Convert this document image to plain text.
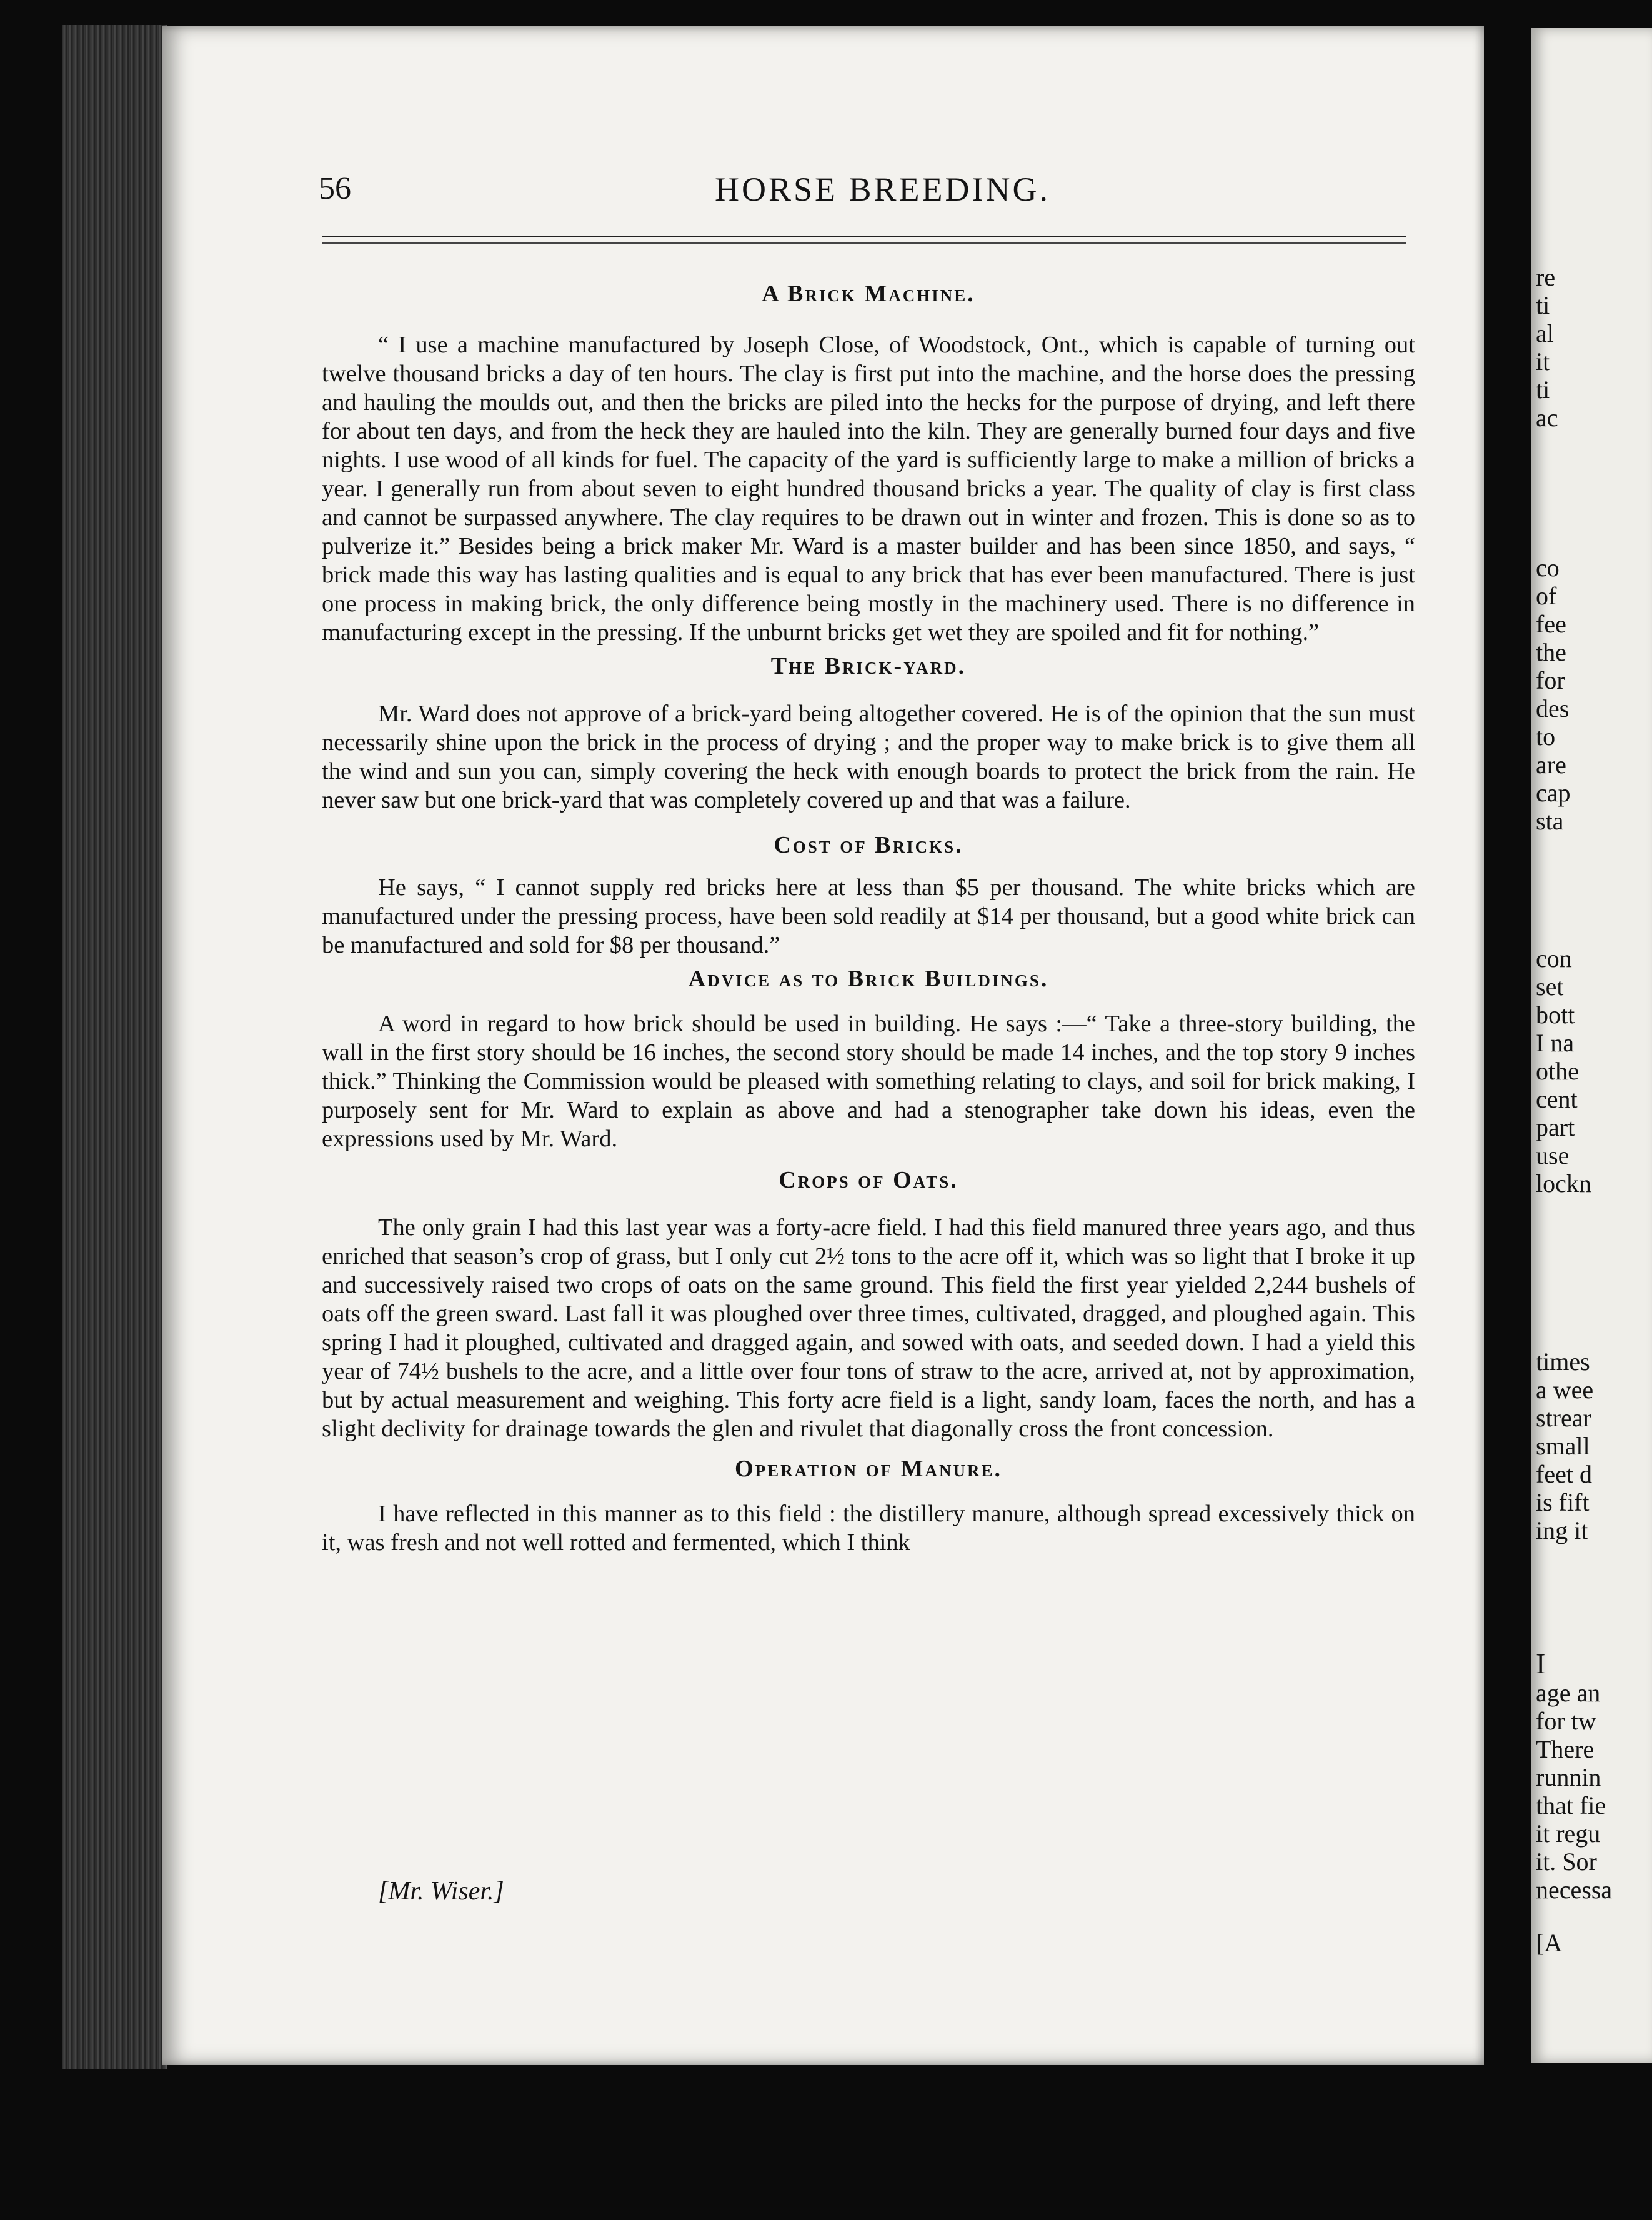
56	HORSE BREEDING.
A Brick Machine.

“ I use a machine manufactured by Joseph Close, of Woodstock, Ont., which is capable of turning out twelve thousand bricks a day of ten hours. The clay is first put into the machine, and the horse does the pressing and hauling the moulds out, and then the bricks are piled into the hecks for the purpose of drying, and left there for about ten days, and from the heck they are hauled into the kiln. They are generally burned four days and five nights. I use wood of all kinds for fuel. The capacity of the yard is sufficiently large to make a million of bricks a year. I generally run from about seven to eight hundred thousand bricks a year. The quality of clay is first class and cannot be surpassed anywhere. The clay requires to be drawn out in winter and frozen. This is done so as to pulverize it.” Besides being a brick maker Mr. Ward is a master builder and has been since 1850, and says, “ brick made this way has lasting qualities and is equal to any brick that has ever been manufactured. There is just one process in making brick, the only difference being mostly in the machinery used. There is no difference in manufacturing except in the pressing. If the unburnt bricks get wet they are spoiled and fit for nothing.”

The Brick-yard.

Mr. Ward does not approve of a brick-yard being altogether covered. He is of the opinion that the sun must necessarily shine upon the brick in the process of drying ; and the proper way to make brick is to give them all the wind and sun you can, simply covering the heck with enough boards to protect the brick from the rain. He never saw but one brick-yard that was completely covered up and that was a failure.

Cost of Bricks.

He says, “ I cannot supply red bricks here at less than $5 per thousand. The white bricks which are manufactured under the pressing process, have been sold readily at $14 per thousand, but a good white brick can be manufactured and sold for $8 per thousand.”

Advice as to Brick Buildings.

A word in regard to how brick should be used in building. He says :—“ Take a three-story building, the wall in the first story should be 16 inches, the second story should be made 14 inches, and the top story 9 inches thick.” Thinking the Commission would be pleased with something relating to clays, and soil for brick making, I purposely sent for Mr. Ward to explain as above and had a stenographer take down his ideas, even the expressions used by Mr. Ward.

Crops of Oats.

The only grain I had this last year was a forty-acre field. I had this field manured three years ago, and thus enriched that season’s crop of grass, but I only cut 2½ tons to the acre off it, which was so light that I broke it up and successively raised two crops of oats on the same ground. This field the first year yielded 2,244 bushels of oats off the green sward. Last fall it was ploughed over three times, cultivated, dragged, and ploughed again. This spring I had it ploughed, cultivated and dragged again, and sowed with oats, and seeded down. I had a yield this year of 74½ bushels to the acre, and a little over four tons of straw to the acre, arrived at, not by approximation, but by actual measurement and weighing. This forty acre field is a light, sandy loam, faces the north, and has a slight declivity for drainage towards the glen and rivulet that diagonally cross the front concession.

Operation of Manure.

I have reflected in this manner as to this field : the distillery manure, although spread excessively thick on it, was fresh and not well rotted and fermented, which I think

[Mr. Wiser.]
re
ti
al
it
ti
ac
co
of
fee
the
for
des
to
are
cap
sta
con
set
bott
I na
othe
cent
part
use
lockn
times
a wee
strear
small
feet d
is fift
ing it
I
age an
for tw
There
runnin
that fie
it regu
it. Sor
necessa
[A
